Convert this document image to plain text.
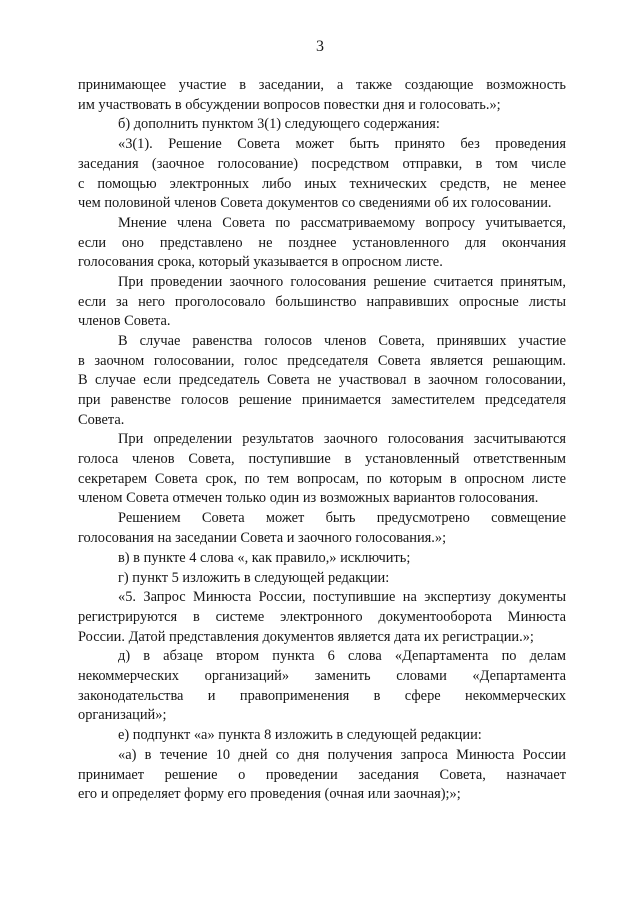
3
принимающее участие в заседании, а также создающие возможность
им участвовать в обсуждении вопросов повестки дня и голосовать.»;
б) дополнить пунктом 3(1) следующего содержания:
«3(1). Решение Совета может быть принято без проведения
заседания (заочное голосование) посредством отправки, в том числе
с помощью электронных либо иных технических средств, не менее
чем половиной членов Совета документов со сведениями об их голосовании.
Мнение члена Совета по рассматриваемому вопросу учитывается,
если оно представлено не позднее установленного для окончания
голосования срока, который указывается в опросном листе.
При проведении заочного голосования решение считается принятым,
если за него проголосовало большинство направивших опросные листы
членов Совета.
В случае равенства голосов членов Совета, принявших участие
в заочном голосовании, голос председателя Совета является решающим.
В случае если председатель Совета не участвовал в заочном голосовании,
при равенстве голосов решение принимается заместителем председателя
Совета.
При определении результатов заочного голосования засчитываются
голоса членов Совета, поступившие в установленный ответственным
секретарем Совета срок, по тем вопросам, по которым в опросном листе
членом Совета отмечен только один из возможных вариантов голосования.
Решением Совета может быть предусмотрено совмещение
голосования на заседании Совета и заочного голосования.»;
в) в пункте 4 слова «, как правило,» исключить;
г) пункт 5 изложить в следующей редакции:
«5. Запрос Минюста России, поступившие на экспертизу документы
регистрируются в системе электронного документооборота Минюста
России. Датой представления документов является дата их регистрации.»;
д) в абзаце втором пункта 6 слова «Департамента по делам
некоммерческих организаций» заменить словами «Департамента
законодательства и правоприменения в сфере некоммерческих
организаций»;
е) подпункт «а» пункта 8 изложить в следующей редакции:
«а) в течение 10 дней со дня получения запроса Минюста России
принимает решение о проведении заседания Совета, назначает
его и определяет форму его проведения (очная или заочная);»;
